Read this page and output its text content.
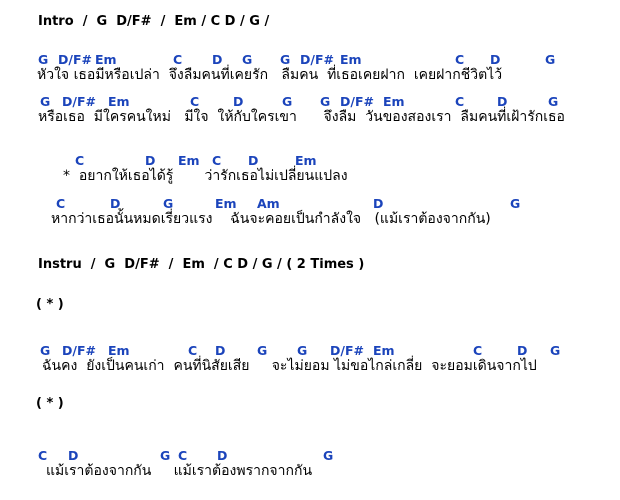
Intro  /  G  D/F#  /  Em / C D / G /
G D/F# Em	C D G G D/F# Em	C D	G
หัวใจ เธอมีหรือเปล่า  จึงลืมคนที่เคยรัก   ลืมคน  ที่เธอเคยฝาก  เคยฝากชีวิตไว้
G D/F# Em	C	D	G G D/F# Em	C	D	G
หรือเธอ  มีใครคนใหม่   มีใจ  ให้กับใครเขา      จึงลืม  วันของสองเรา  ลืมคนที่เฝ้ารักเธอ
C	D Em C D	Em
*  อยากให้เธอได้รู้       ว่ารักเธอไม่เปลี่ยนแปลง
C	D	G	Em Am	D	G
หากว่าเธอนั้นหมดเรี่ยวแรง    ฉันจะคอยเป็นกำลังใจ   (แม้เราต้องจากกัน)
Instru  /  G  D/F#  /  Em  / C D / G / ( 2 Times )
( * )
G D/F# Em	C D	G G D/F# Em	C	D G
ฉันคง  ยังเป็นคนเก่า  คนที่นิสัยเสีย     จะไม่ยอม ไม่ขอไกล่เกลี่ย  จะยอมเดินจากไป
( * )
C D	G C D	G
แม้เราต้องจากกัน     แม้เราต้องพรากจากกัน
